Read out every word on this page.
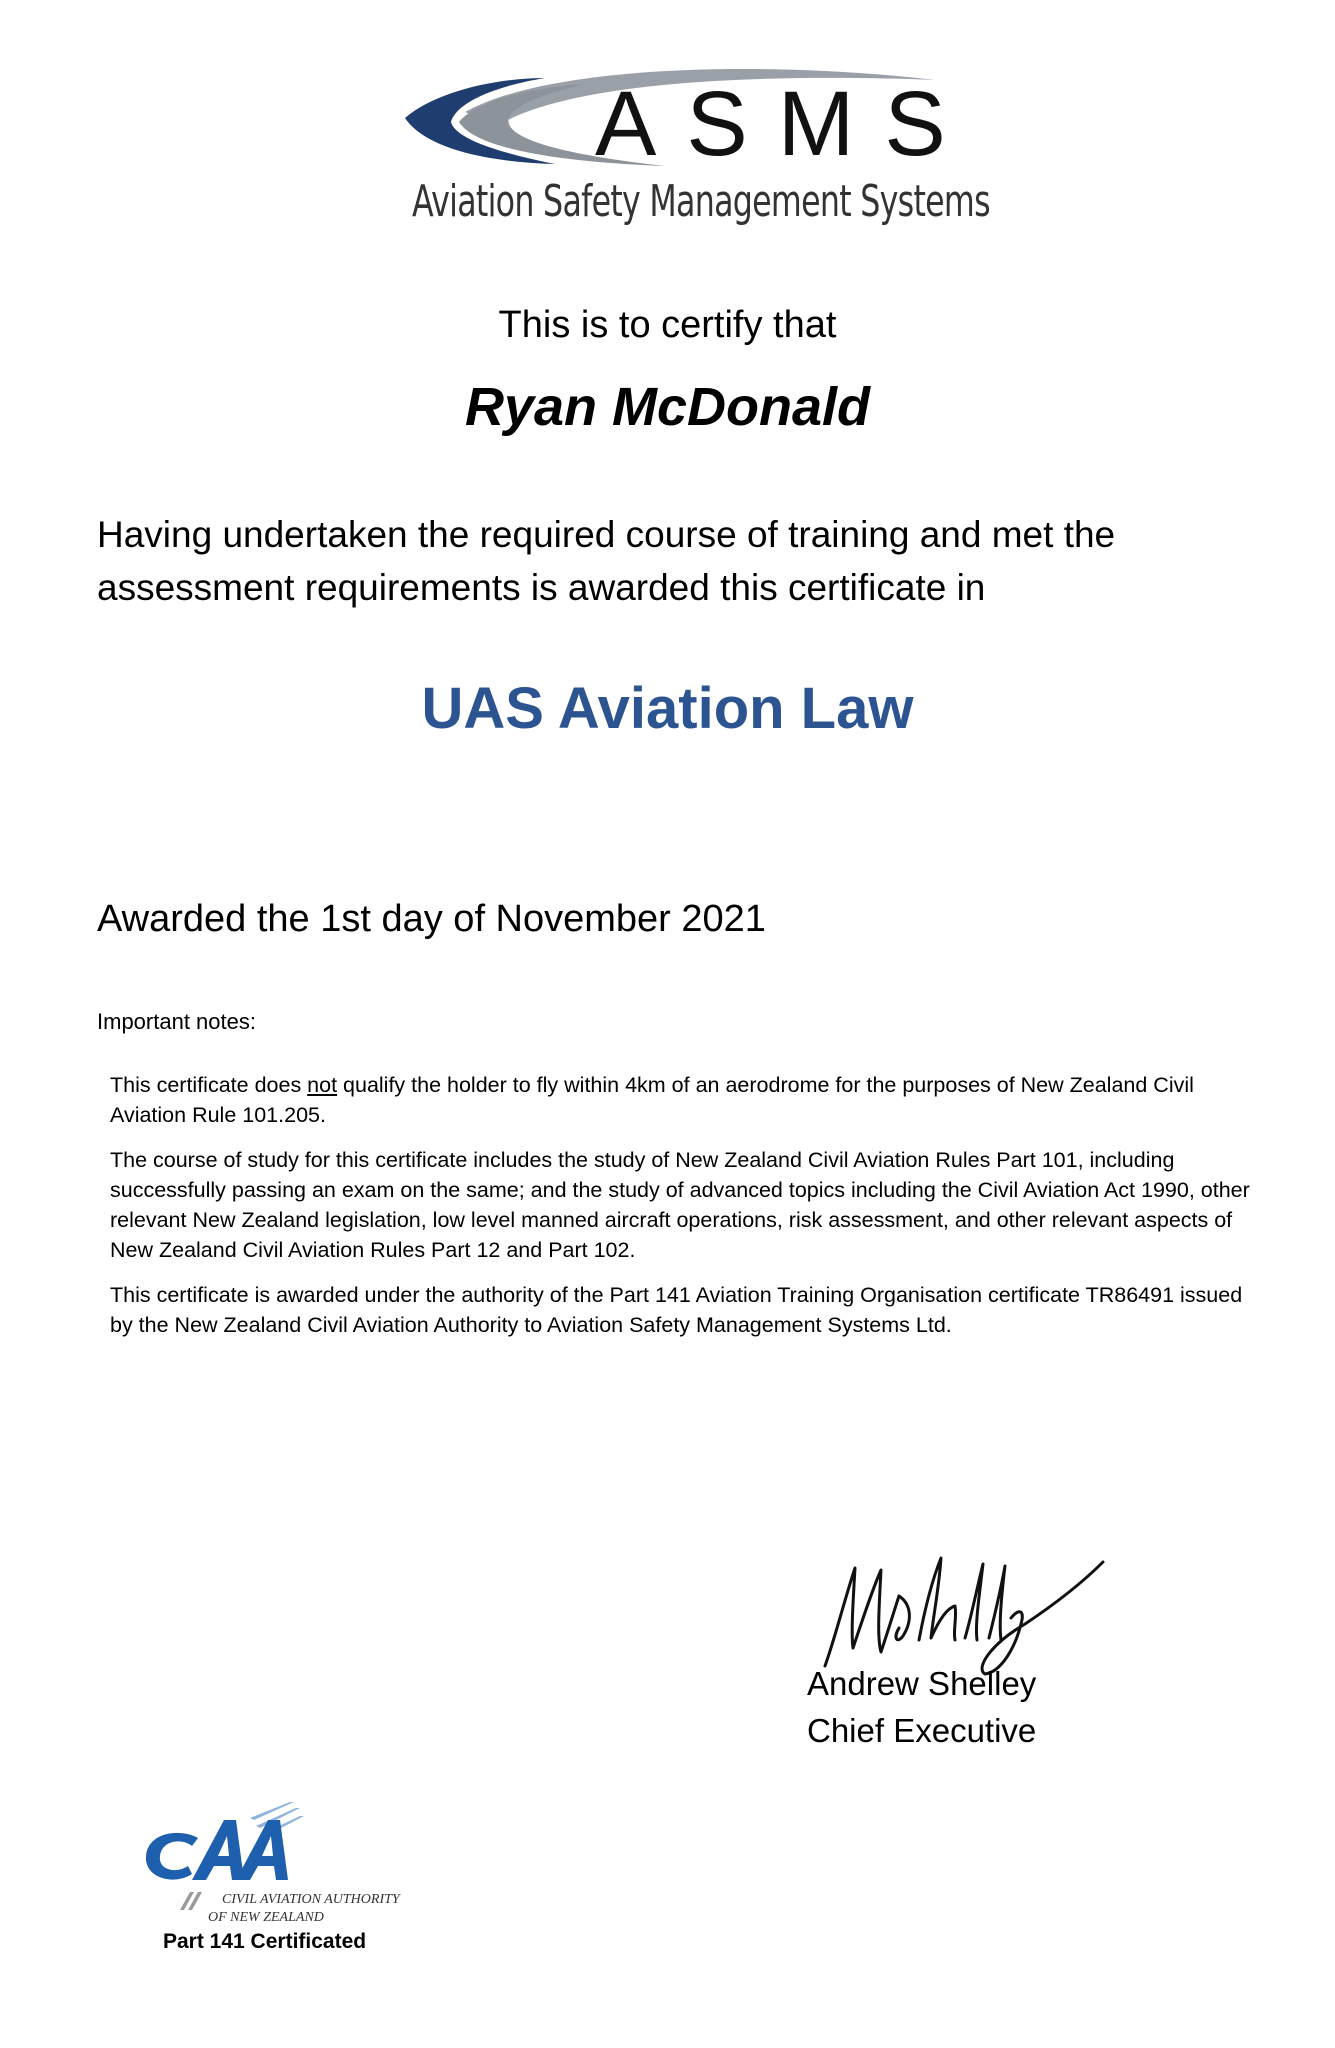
ASMS
Aviation Safety Management Systems
This is to certify that
Ryan McDonald
Having undertaken the required course of training and met the assessment requirements is awarded this certificate in
UAS Aviation Law
Awarded the 1st day of November 2021
Important notes:

This certificate does not qualify the holder to fly within 4km of an aerodrome for the purposes of New Zealand Civil Aviation Rule 101.205.

The course of study for this certificate includes the study of New Zealand Civil Aviation Rules Part 101, including successfully passing an exam on the same; and the study of advanced topics including the Civil Aviation Act 1990, other relevant New Zealand legislation, low level manned aircraft operations, risk assessment, and other relevant aspects of New Zealand Civil Aviation Rules Part 12 and Part 102.

This certificate is awarded under the authority of the Part 141 Aviation Training Organisation certificate TR86491 issued by the New Zealand Civil Aviation Authority to Aviation Safety Management Systems Ltd.

Andrew Shelley
Chief Executive
CIVIL AVIATION AUTHORITY
OF NEW ZEALAND
Part 141 Certificated
